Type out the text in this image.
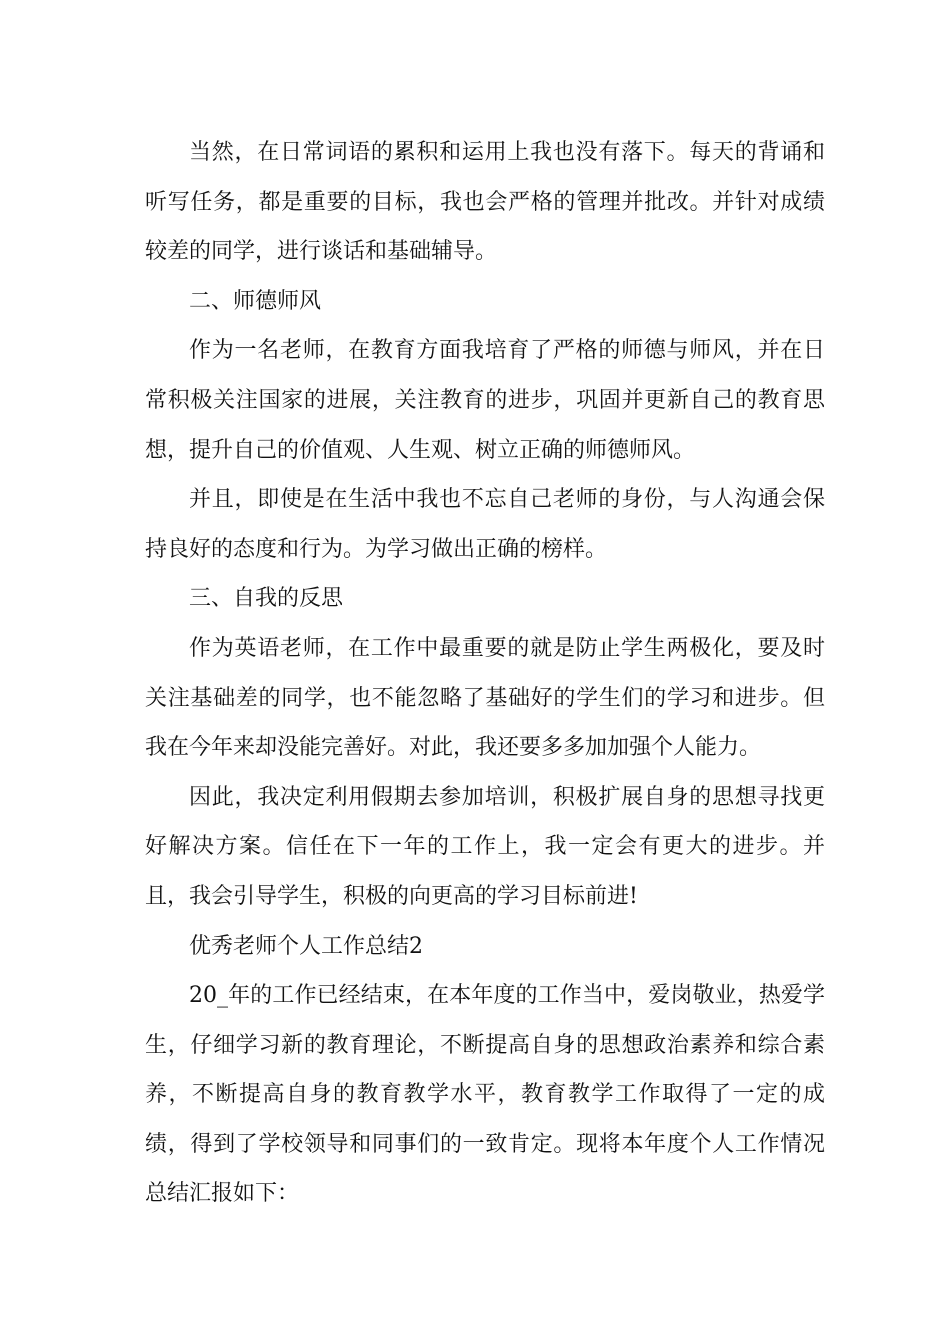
当然，在日常词语的累积和运用上我也没有落下。每天的背诵和听写任务，都是重要的目标，我也会严格的管理并批改。并针对成绩较差的同学，进行谈话和基础辅导。

二、师德师风

作为一名老师，在教育方面我培育了严格的师德与师风，并在日常积极关注国家的进展，关注教育的进步，巩固并更新自己的教育思想，提升自己的价值观、人生观、树立正确的师德师风。

并且，即使是在生活中我也不忘自己老师的身份，与人沟通会保持良好的态度和行为。为学习做出正确的榜样。

三、自我的反思

作为英语老师，在工作中最重要的就是防止学生两极化，要及时关注基础差的同学，也不能忽略了基础好的学生们的学习和进步。但我在今年来却没能完善好。对此，我还要多多加加强个人能力。

因此，我决定利用假期去参加培训，积极扩展自身的思想寻找更好解决方案。信任在下一年的工作上，我一定会有更大的进步。并且，我会引导学生，积极的向更高的学习目标前进!

优秀老师个人工作总结2

20_年的工作已经结束，在本年度的工作当中，爱岗敬业，热爱学生，仔细学习新的教育理论，不断提高自身的思想政治素养和综合素养，不断提高自身的教育教学水平，教育教学工作取得了一定的成绩，得到了学校领导和同事们的一致肯定。现将本年度个人工作情况总结汇报如下：
